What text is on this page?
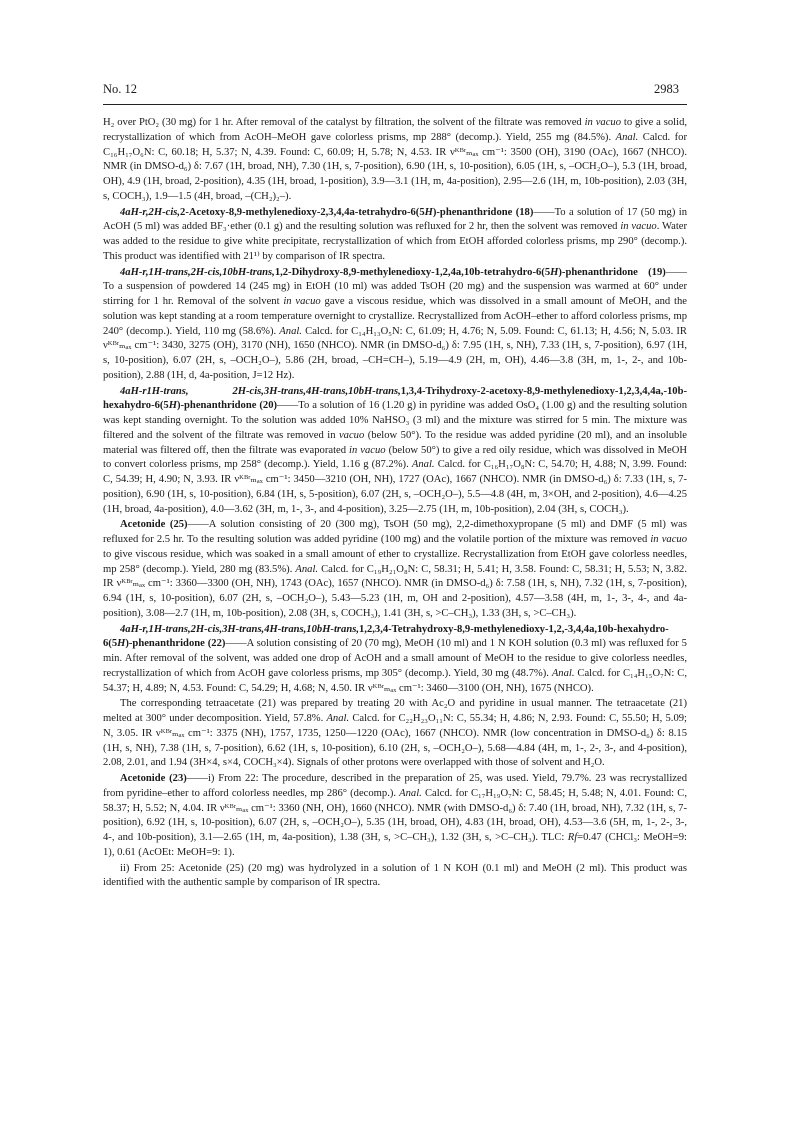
No. 12	2983

H₂ over PtO₂ (30 mg) for 1 hr. After removal of the catalyst by filtration, the solvent of the filtrate was removed in vacuo to give a solid, recrystallization of which from AcOH–MeOH gave colorless prisms, mp 288° (decomp.). Yield, 255 mg (84.5%). Anal. Calcd. for C₁₆H₁₇O₆N: C, 60.18; H, 5.37; N, 4.39. Found: C, 60.09; H, 5.78; N, 4.53. IR νᴷᴮʳₘₐₓ cm⁻¹: 3500 (OH), 3190 (OAc), 1667 (NHCO). NMR (in DMSO-d₆) δ: 7.67 (1H, broad, NH), 7.30 (1H, s, 7-position), 6.90 (1H, s, 10-position), 6.05 (1H, s, –OCH₂O–), 5.3 (1H, broad, OH), 4.9 (1H, broad, 2-position), 4.35 (1H, broad, 1-position), 3.9—3.1 (1H, m, 4a-position), 2.95—2.6 (1H, m, 10b-position), 2.03 (3H, s, COCH₃), 1.9—1.5 (4H, broad, –(CH₂)₂–).

4aH-r,2H-cis,2-Acetoxy-8,9-methylenedioxy-2,3,4,4a-tetrahydro-6(5H)-phenanthridone (18)——To a solution of 17 (50 mg) in AcOH (5 ml) was added BF₃·ether (0.1 g) and the resulting solution was refluxed for 2 hr, then the solvent was removed in vacuo. Water was added to the residue to give white precipitate, recrystallization of which from EtOH afforded colorless prisms, mp 290° (decomp.). This product was identified with 21¹⁾ by comparison of IR spectra.

4aH-r,1H-trans,2H-cis,10bH-trans,1,2-Dihydroxy-8,9-methylenedioxy-1,2,4a,10b-tetrahydro-6(5H)-phenanthridone (19)——To a suspension of powdered 14 (245 mg) in EtOH (10 ml) was added TsOH (20 mg) and the suspension was warmed at 60° under stirring for 1 hr. Removal of the solvent in vacuo gave a viscous residue, which was dissolved in a small amount of MeOH, and the solution was kept standing at a room temperature overnight to crystallize. Recrystallized from AcOH–ether to afford colorless prisms, mp 240° (decomp.). Yield, 110 mg (58.6%). Anal. Calcd. for C₁₄H₁₃O₅N: C, 61.09; H, 4.76; N, 5.09. Found: C, 61.13; H, 4.56; N, 5.03. IR νᴷᴮʳₘₐₓ cm⁻¹: 3430, 3275 (OH), 3170 (NH), 1650 (NHCO). NMR (in DMSO-d₆) δ: 7.95 (1H, s, NH), 7.33 (1H, s, 7-position), 6.97 (1H, s, 10-position), 6.07 (2H, s, –OCH₂O–), 5.86 (2H, broad, –CH=CH–), 5.19—4.9 (2H, m, OH), 4.46—3.8 (3H, m, 1-, 2-, and 10b-position), 2.88 (1H, d, 4a-position, J=12 Hz).

4aH-r1H-trans, 2H-cis,3H-trans,4H-trans,10bH-trans,1,3,4-Trihydroxy-2-acetoxy-8,9-methylenedioxy-1,2,3,4,4a,-10b-hexahydro-6(5H)-phenanthridone (20)——To a solution of 16 (1.20 g) in pyridine was added OsO₄ (1.00 g) and the resulting solution was kept standing overnight. To the solution was added 10% NaHSO₃ (3 ml) and the mixture was stirred for 5 min. The mixture was filtered and the solvent of the filtrate was removed in vacuo (below 50°). To the residue was added pyridine (20 ml), and an insoluble material was filtered off, then the filtrate was evaporated in vacuo (below 50°) to give a red oily residue, which was dissolved in MeOH to convert colorless prisms, mp 258° (decomp.). Yield, 1.16 g (87.2%). Anal. Calcd. for C₁₆H₁₇O₈N: C, 54.70; H, 4.88; N, 3.99. Found: C, 54.39; H, 4.90; N, 3.93. IR νᴷᴮʳₘₐₓ cm⁻¹: 3450—3210 (OH, NH), 1727 (OAc), 1667 (NHCO). NMR (in DMSO-d₆) δ: 7.33 (1H, s, 7-position), 6.90 (1H, s, 10-position), 6.84 (1H, s, 5-position), 6.07 (2H, s, –OCH₂O–), 5.5—4.8 (4H, m, 3×OH, and 2-position), 4.6—4.25 (1H, broad, 4a-position), 4.0—3.62 (3H, m, 1-, 3-, and 4-position), 3.25—2.75 (1H, m, 10b-position), 2.04 (3H, s, COCH₃).

Acetonide (25)——A solution consisting of 20 (300 mg), TsOH (50 mg), 2,2-dimethoxypropane (5 ml) and DMF (5 ml) was refluxed for 2.5 hr. To the resulting solution was added pyridine (100 mg) and the volatile portion of the mixture was removed in vacuo to give viscous residue, which was soaked in a small amount of ether to crystallize. Recrystallization from EtOH gave colorless needles, mp 258° (decomp.). Yield, 280 mg (83.5%). Anal. Calcd. for C₁₉H₂₁O₈N: C, 58.31; H, 5.41; H, 3.58. Found: C, 58.31; H, 5.53; N, 3.82. IR νᴷᴮʳₘₐₓ cm⁻¹: 3360—3300 (OH, NH), 1743 (OAc), 1657 (NHCO). NMR (in DMSO-d₆) δ: 7.58 (1H, s, NH), 7.32 (1H, s, 7-position), 6.94 (1H, s, 10-position), 6.07 (2H, s, –OCH₂O–), 5.43—5.23 (1H, m, OH and 2-position), 4.57—3.58 (4H, m, 1-, 3-, 4-, and 4a-position), 3.08—2.7 (1H, m, 10b-position), 2.08 (3H, s, COCH₃), 1.41 (3H, s, >C–CH₃), 1.33 (3H, s, >C–CH₃).

4aH-r,1H-trans,2H-cis,3H-trans,4H-trans,10bH-trans,1,2,3,4-Tetrahydroxy-8,9-methylenedioxy-1,2,-3,4,4a,10b-hexahydro-6(5H)-phenanthridone (22)——A solution consisting of 20 (70 mg), MeOH (10 ml) and 1 N KOH solution (0.3 ml) was refluxed for 5 min. After removal of the solvent, was added one drop of AcOH and a small amount of MeOH to the residue to give colorless needles, recrystallization of which from AcOH gave colorless prisms, mp 305° (decomp.). Yield, 30 mg (48.7%). Anal. Calcd. for C₁₄H₁₅O₇N: C, 54.37; H, 4.89; N, 4.53. Found: C, 54.29; H, 4.68; N, 4.50. IR νᴷᴮʳₘₐₓ cm⁻¹: 3460—3100 (OH, NH), 1675 (NHCO).

The corresponding tetraacetate (21) was prepared by treating 20 with Ac₂O and pyridine in usual manner. The tetraacetate (21) melted at 300° under decomposition. Yield, 57.8%. Anal. Calcd. for C₂₂H₂₃O₁₁N: C, 55.34; H, 4.86; N, 2.93. Found: C, 55.50; H, 5.09; N, 3.05. IR νᴷᴮʳₘₐₓ cm⁻¹: 3375 (NH), 1757, 1735, 1250—1220 (OAc), 1667 (NHCO). NMR (low concentration in DMSO-d₆) δ: 8.15 (1H, s, NH), 7.38 (1H, s, 7-position), 6.62 (1H, s, 10-position), 6.10 (2H, s, –OCH₂O–), 5.68—4.84 (4H, m, 1-, 2-, 3-, and 4-position), 2.08, 2.01, and 1.94 (3H×4, s×4, COCH₃×4). Signals of other protons were overlapped with those of solvent and H₂O.

Acetonide (23)——i) From 22: The procedure, described in the preparation of 25, was used. Yield, 79.7%. 23 was recrystallized from pyridine–ether to afford colorless needles, mp 286° (decomp.). Anal. Calcd. for C₁₇H₁₉O₇N: C, 58.45; H, 5.48; N, 4.01. Found: C, 58.37; H, 5.52; N, 4.04. IR νᴷᴮʳₘₐₓ cm⁻¹: 3360 (NH, OH), 1660 (NHCO). NMR (with DMSO-d₆) δ: 7.40 (1H, broad, NH), 7.32 (1H, s, 7-position), 6.92 (1H, s, 10-position), 6.07 (2H, s, –OCH₂O–), 5.35 (1H, broad, OH), 4.83 (1H, broad, OH), 4.53—3.6 (5H, m, 1-, 2-, 3-, 4-, and 10b-position), 3.1—2.65 (1H, m, 4a-position), 1.38 (3H, s, >C–CH₃), 1.32 (3H, s, >C–CH₃). TLC: Rf=0.47 (CHCl₃: MeOH=9: 1), 0.61 (AcOEt: MeOH=9: 1).

ii) From 25: Acetonide (25) (20 mg) was hydrolyzed in a solution of 1 N KOH (0.1 ml) and MeOH (2 ml). This product was identified with the authentic sample by comparison of IR spectra.
